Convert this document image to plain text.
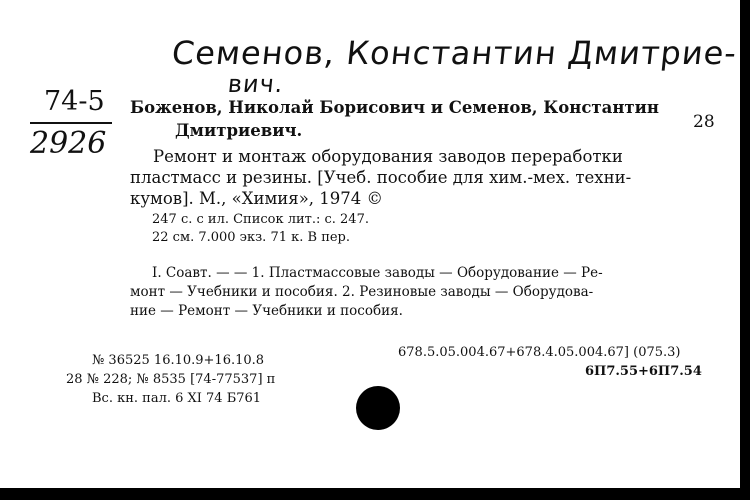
Семенов, Константин Дмитрие-
вич.
74-5
2926
28
Боженов, Николай Борисович и Семенов, Константин
Дмитриевич.
Ремонт и монтаж оборудования заводов переработки
пластмасс и резины. [Учеб. пособие для хим.-мех. техни-
кумов]. М., «Химия», 1974 ©
247 с. с ил. Список лит.: с. 247.
22 см. 7.000 экз. 71 к. В пер.
I. Соавт. — — 1. Пластмассовые заводы — Оборудование — Ре-
монт — Учебники и пособия. 2. Резиновые заводы — Оборудова-
ние — Ремонт — Учебники и пособия.
№ 36525 16.10.9+16.10.8
28 № 228; № 8535 [74-77537] п
Вс. кн. пал. 6 XI 74 Б761
678.5.05.004.67+678.4.05.004.67] (075.3)
6П7.55+6П7.54
